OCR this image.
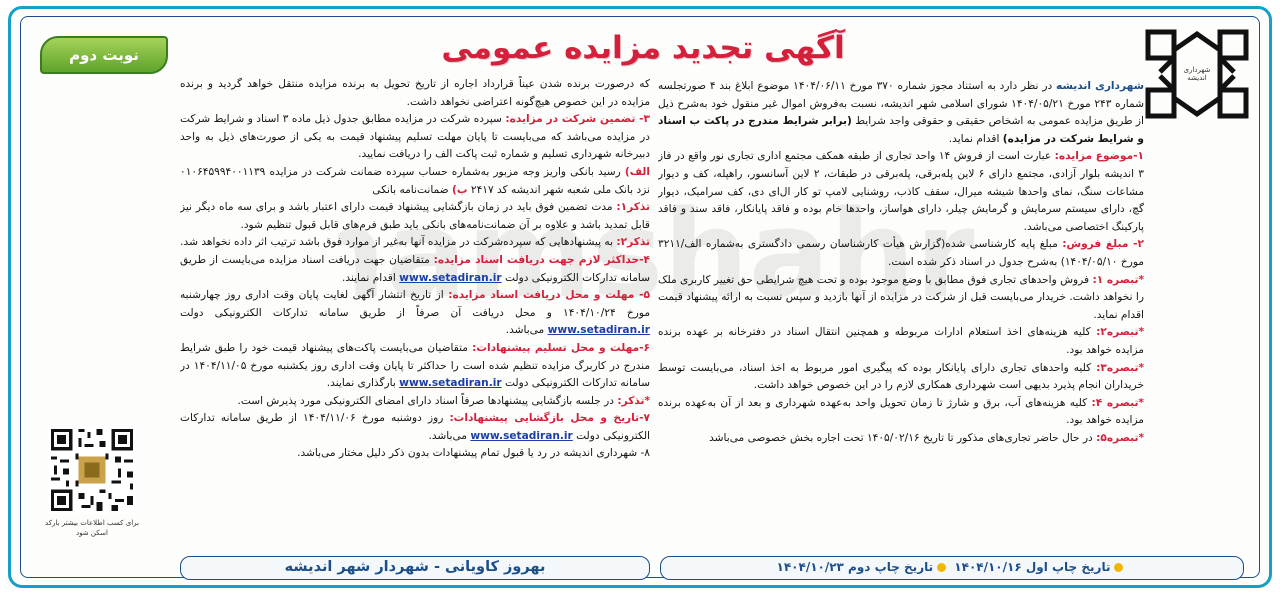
hamshahr
شهرداری اندیشه
آگهی تجدید مزایده عمومی
نوبت دوم

شهرداری اندیشه در نظر دارد به استناد مجوز شماره ۳۷۰ مورخ ۱۴۰۴/۰۶/۱۱ موضوع ابلاغ بند ۴ صورتجلسه شماره ۲۴۳ مورخ ۱۴۰۴/۰۵/۲۱ شورای اسلامی شهر اندیشه، نسبت به‌فروش اموال غیر منقول خود به‌شرح ذیل از طریق مزایده عمومی به اشخاص حقیقی و حقوقی واجد شرایط (برابر شرایط مندرج در پاکت ب اسناد و شرایط شرکت در مزایده) اقدام نماید.

۱-موضوع مزایده: عبارت است از فروش ۱۴ واحد تجاری از طبقه همکف مجتمع اداری تجاری نور واقع در فاز ۳ اندیشه بلوار آزادی، مجتمع دارای ۶ لاین پله‌برقی، پله‌برقی در طبقات، ۲ لاین آسانسور، راهپله، کف و دیوار مشاعات سنگ، نمای واحدها شیشه میرال، سقف کاذب، روشنایی لامپ تو کار ال‌ای دی، کف سرامیک، دیوار گچ، دارای سیستم سرمایش و گرمایش چیلر، دارای هواساز، واحدها خام بوده و فاقد پایانکار، فاقد سند و فاقد پارکینگ اختصاصی می‌باشد.

۲- مبلغ فروش: مبلغ پایه کارشناسی شده(گزارش هیأت کارشناسان رسمی دادگستری به‌شماره الف/۳۲۱۱ مورخ ۱۴۰۴/۰۵/۱۰) به‌شرح جدول در اسناد ذکر شده است.

*تبصره ۱: فروش واحدهای تجاری فوق مطابق با وضع موجود بوده و تحت هیچ شرایطی حق تغییر کاربری ملک را نخواهد داشت. خریدار می‌بایست قبل از شرکت در مزایده از آنها بازدید و سپس نسبت به ارائه پیشنهاد قیمت اقدام نماید.

*تبصره۲: کلیه هزینه‌های اخذ استعلام ادارات مربوطه و همچنین انتقال اسناد در دفترخانه بر عهده برنده مزایده خواهد بود.

*تبصره۳: کلیه واحدهای تجاری دارای پایانکار بوده که پیگیری امور مربوط به اخذ اسناد، می‌بایست توسط خریداران انجام پذیرد بدیهی است شهرداری همکاری لازم را در این خصوص خواهد داشت.

*تبصره ۴: کلیه هزینه‌های آب، برق و شارژ تا زمان تحویل واحد به‌عهده شهرداری و بعد از آن به‌عهده برنده مزایده خواهد بود.

*تبصره۵: در حال حاضر تجاری‌های مذکور تا تاریخ ۱۴۰۵/۰۲/۱۶ تحت اجاره بخش خصوصی می‌باشد

که درصورت برنده شدن عیناً قرارداد اجاره از تاریخ تحویل به برنده مزایده منتقل خواهد گردید و برنده مزایده در این خصوص هیچ‌گونه اعتراضی نخواهد داشت.

۳- تضمین شرکت در مزایده: سپرده شرکت در مزایده مطابق جدول ذیل ماده ۳ اسناد و شرایط شرکت در مزایده می‌باشد که می‌بایست تا پایان مهلت تسلیم پیشنهاد قیمت به یکی از صورت‌های ذیل به واحد دبیرخانه شهرداری تسلیم و شماره ثبت پاکت الف را دریافت نمایید.

الف) رسید بانکی واریز وجه مزبور به‌شماره حساب سپرده ضمانت شرکت در مزایده ۰۱۰۶۴۵۹۹۴۰۰۱۱۳۹ نزد بانک ملی شعبه شهر اندیشه کد ۲۴۱۷ ب) ضمانت‌نامه بانکی

تذکر۱: مدت تضمین فوق باید در زمان بازگشایی پیشنهاد قیمت دارای اعتبار باشد و برای سه ماه دیگر نیز قابل تمدید باشد و علاوه بر آن ضمانت‌نامه‌های بانکی باید طبق فرم‌های قابل قبول تنظیم شود.

تذکر۲: به پیشنهادهایی که سپرده‌شرکت در مزایده آنها به‌غیر از موارد فوق باشد ترتیب اثر داده نخواهد شد.

۴-حداکثر لازم جهت دریافت اسناد مزایده: متقاضیان جهت دریافت اسناد مزایده می‌بایست از طریق سامانه تدارکات الکترونیکی دولت www.setadiran.ir اقدام نمایند.

۵- مهلت و محل دریافت اسناد مزایده: از تاریخ انتشار آگهی لغایت پایان وقت اداری روز چهارشنبه مورخ ۱۴۰۴/۱۰/۲۴ و محل دریافت آن صرفاً از طریق سامانه تدارکات الکترونیکی دولت www.setadiran.ir می‌باشد.

۶-مهلت و محل تسلیم پیشنهادات: متقاضیان می‌بایست پاکت‌های پیشنهاد قیمت خود را طبق شرایط مندرج در کاربرگ مزایده تنظیم شده است را حداکثر تا پایان وقت اداری روز یکشنبه مورخ ۱۴۰۴/۱۱/۰۵ در سامانه تدارکات الکترونیکی دولت www.setadiran.ir بارگذاری نمایند.

*تذکر: در جلسه بازگشایی پیشنهادها صرفاً اسناد دارای امضای الکترونیکی مورد پذیرش است.

۷-تاریخ و محل بازگشایی پیشنهادات: روز دوشنبه مورخ ۱۴۰۴/۱۱/۰۶ از طریق سامانه تدارکات الکترونیکی دولت www.setadiran.ir می‌باشد.

۸- شهرداری اندیشه در رد یا قبول تمام پیشنهادات بدون ذکر دلیل مختار می‌باشد.

برای کسب اطلاعات بیشتر بارکد اسکن شود
تاریخ چاپ اول ۱۴۰۴/۱۰/۱۶ تاریخ چاپ دوم ۱۴۰۴/۱۰/۲۳
بهروز کاویانی - شهردار شهر اندیشه
